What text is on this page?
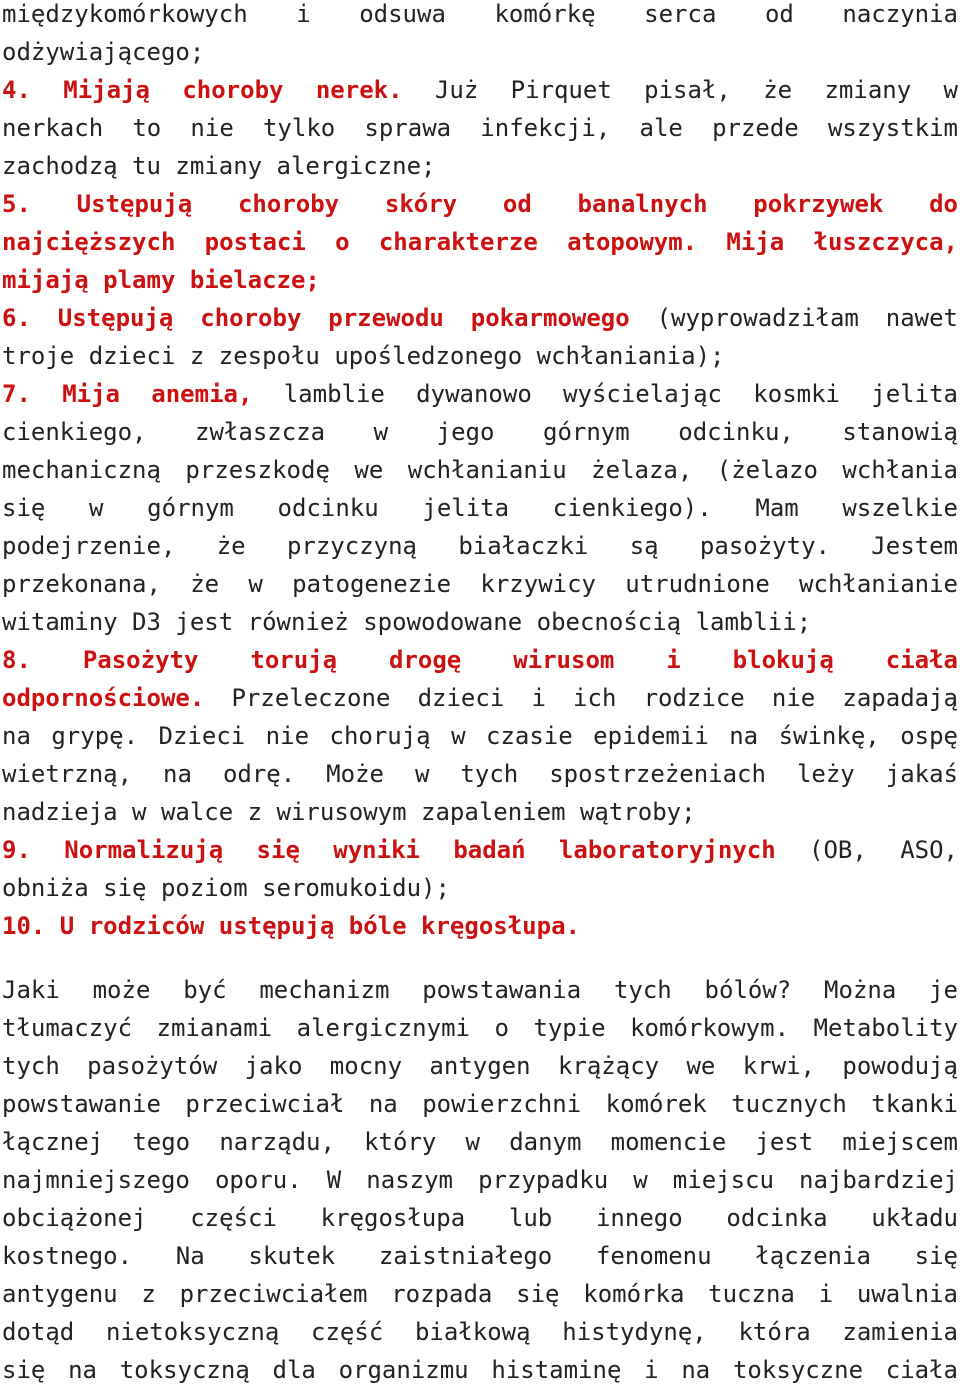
międzykomórkowych i odsuwa komórkę serca od naczynia
odżywiającego;
4. Mijają choroby nerek. Już Pirquet pisał, że zmiany w
nerkach to nie tylko sprawa infekcji, ale przede wszystkim
zachodzą tu zmiany alergiczne;
5. Ustępują choroby skóry od banalnych pokrzywek do
najcięższych postaci o charakterze atopowym. Mija łuszczyca,
mijają plamy bielacze;
6. Ustępują choroby przewodu pokarmowego (wyprowadziłam nawet
troje dzieci z zespołu upośledzonego wchłaniania);
7. Mija anemia, lamblie dywanowo wyścielając kosmki jelita
cienkiego, zwłaszcza w jego górnym odcinku, stanowią
mechaniczną przeszkodę we wchłanianiu żelaza, (żelazo wchłania
się w górnym odcinku jelita cienkiego). Mam wszelkie
podejrzenie, że przyczyną białaczki są pasożyty. Jestem
przekonana, że w patogenezie krzywicy utrudnione wchłanianie
witaminy D3 jest również spowodowane obecnością lamblii;
8. Pasożyty torują drogę wirusom i blokują ciała
odpornościowe. Przeleczone dzieci i ich rodzice nie zapadają
na grypę. Dzieci nie chorują w czasie epidemii na świnkę, ospę
wietrzną, na odrę. Może w tych spostrzeżeniach leży jakaś
nadzieja w walce z wirusowym zapaleniem wątroby;
9. Normalizują się wyniki badań laboratoryjnych (OB, ASO,
obniża się poziom seromukoidu);
10. U rodziców ustępują bóle kręgosłupa.
Jaki może być mechanizm powstawania tych bólów? Można je
tłumaczyć zmianami alergicznymi o typie komórkowym. Metabolity
tych pasożytów jako mocny antygen krążący we krwi, powodują
powstawanie przeciwciał na powierzchni komórek tucznych tkanki
łącznej tego narządu, który w danym momencie jest miejscem
najmniejszego oporu. W naszym przypadku w miejscu najbardziej
obciążonej części kręgosłupa lub innego odcinka układu
kostnego. Na skutek zaistniałego fenomenu łączenia się
antygenu z przeciwciałem rozpada się komórka tuczna i uwalnia
dotąd nietoksyczną część białkową histydynę, która zamienia
się na toksyczną dla organizmu histaminę i na toksyczne ciała
